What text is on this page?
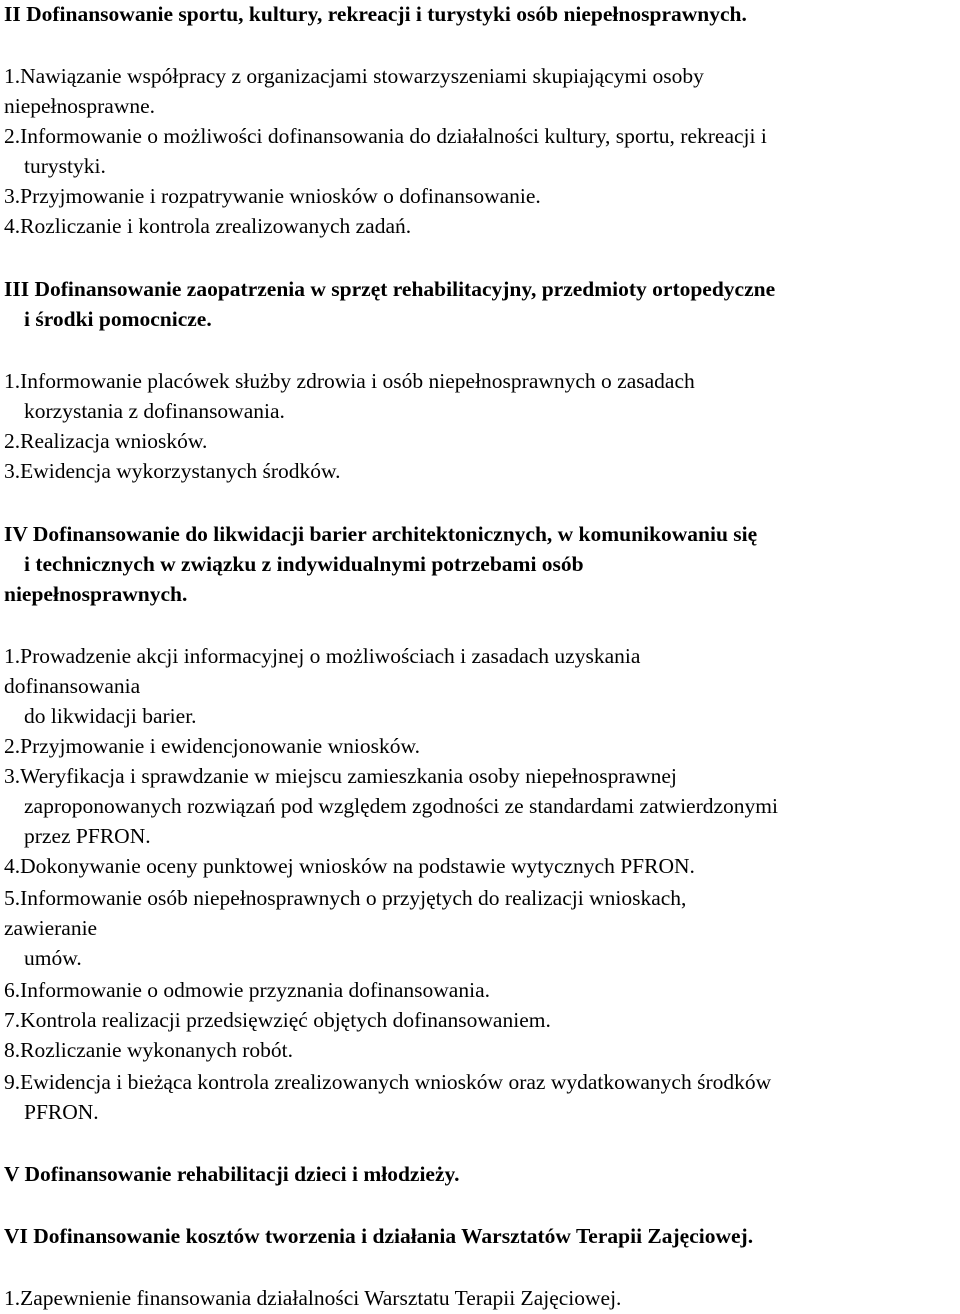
II Dofinansowanie sportu, kultury, rekreacji i turystyki osób niepełnosprawnych.
1.Nawiązanie współpracy z organizacjami stowarzyszeniami skupiającymi osoby
niepełnosprawne.
2.Informowanie o możliwości dofinansowania do działalności kultury, sportu, rekreacji i
turystyki.
3.Przyjmowanie i rozpatrywanie wniosków o dofinansowanie.
4.Rozliczanie i kontrola zrealizowanych zadań.
III Dofinansowanie zaopatrzenia w sprzęt rehabilitacyjny, przedmioty ortopedyczne
i środki pomocnicze.
1.Informowanie placówek służby zdrowia i osób niepełnosprawnych o zasadach
korzystania z dofinansowania.
2.Realizacja wniosków.
3.Ewidencja wykorzystanych środków.
IV Dofinansowanie do likwidacji barier architektonicznych, w komunikowaniu się
i technicznych w związku z indywidualnymi potrzebami osób
niepełnosprawnych.
1.Prowadzenie akcji informacyjnej o możliwościach i zasadach uzyskania
dofinansowania
do likwidacji barier.
2.Przyjmowanie i ewidencjonowanie wniosków.
3.Weryfikacja i sprawdzanie w miejscu zamieszkania osoby niepełnosprawnej
zaproponowanych rozwiązań pod względem zgodności ze standardami zatwierdzonymi
przez PFRON.
4.Dokonywanie oceny punktowej wniosków na podstawie wytycznych PFRON.
5.Informowanie osób niepełnosprawnych o przyjętych do realizacji wnioskach,
zawieranie
umów.
6.Informowanie o odmowie przyznania dofinansowania.
7.Kontrola realizacji przedsięwzięć objętych dofinansowaniem.
8.Rozliczanie wykonanych robót.
9.Ewidencja i bieżąca kontrola zrealizowanych wniosków oraz wydatkowanych środków
PFRON.
V Dofinansowanie rehabilitacji dzieci i młodzieży.
VI Dofinansowanie kosztów tworzenia i działania Warsztatów Terapii Zajęciowej.
1.Zapewnienie finansowania działalności Warsztatu Terapii Zajęciowej.
